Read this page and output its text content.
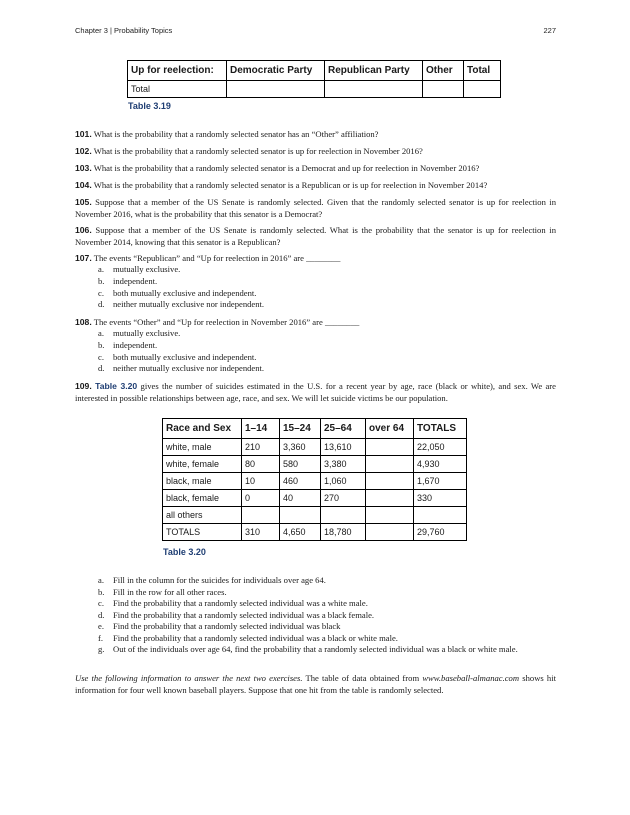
Chapter 3 | Probability Topics	227
Up for reelection:	Democratic Party	Republican Party	Other	Total
Total				
Table 3.19
101. What is the probability that a randomly selected senator has an “Other” affiliation?
102. What is the probability that a randomly selected senator is up for reelection in November 2016?
103. What is the probability that a randomly selected senator is a Democrat and up for reelection in November 2016?
104. What is the probability that a randomly selected senator is a Republican or is up for reelection in November 2014?
105. Suppose that a member of the US Senate is randomly selected. Given that the randomly selected senator is up for reelection in November 2016, what is the probability that this senator is a Democrat?
106. Suppose that a member of the US Senate is randomly selected. What is the probability that the senator is up for reelection in November 2014, knowing that this senator is a Republican?
107. The events “Republican” and “Up for reelection in 2016” are ________
a. mutually exclusive.
b. independent.
c. both mutually exclusive and independent.
d. neither mutually exclusive nor independent.
108. The events “Other” and “Up for reelection in November 2016” are ________
a. mutually exclusive.
b. independent.
c. both mutually exclusive and independent.
d. neither mutually exclusive nor independent.
109. Table 3.20 gives the number of suicides estimated in the U.S. for a recent year by age, race (black or white), and sex. We are interested in possible relationships between age, race, and sex. We will let suicide victims be our population.
Race and Sex	1–14	15–24	25–64	over 64	TOTALS
white, male	210	3,360	13,610		22,050
white, female	80	580	3,380		4,930
black, male	10	460	1,060		1,670
black, female	0	40	270		330
all others					
TOTALS	310	4,650	18,780		29,760
Table 3.20
a.	Fill in the column for the suicides for individuals over age 64.
b. Fill in the row for all other races.
c.	Find the probability that a randomly selected individual was a white male.
d. Find the probability that a randomly selected individual was a black female.
e.	Find the probability that a randomly selected individual was black
f.	Find the probability that a randomly selected individual was a black or white male.
g. Out of the individuals over age 64, find the probability that a randomly selected individual was a black or white male.
Use the following information to answer the next two exercises. The table of data obtained from www.baseball-almanac.com shows hit information for four well known baseball players. Suppose that one hit from the table is randomly selected.
